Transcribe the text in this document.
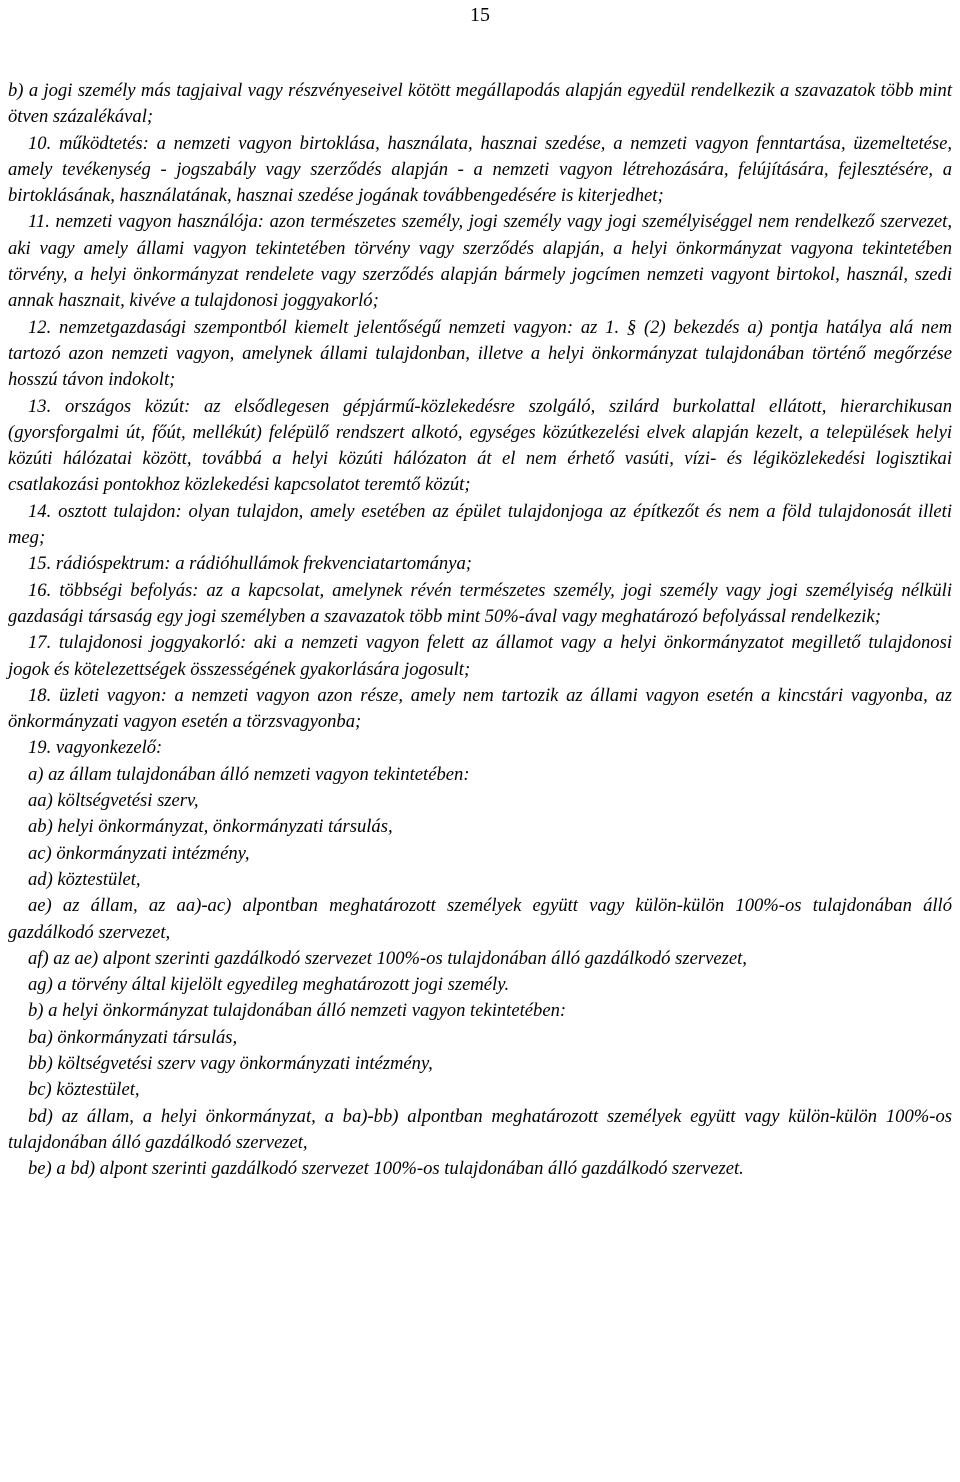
15

b) a jogi személy más tagjaival vagy részvényeseivel kötött megállapodás alapján egyedül rendelkezik a szavazatok több mint ötven százalékával;

10. működtetés: a nemzeti vagyon birtoklása, használata, hasznai szedése, a nemzeti vagyon fenntartása, üzemeltetése, amely tevékenység - jogszabály vagy szerződés alapján - a nemzeti vagyon létrehozására, felújítására, fejlesztésére, a birtoklásának, használatának, hasznai szedése jogának továbbengedésére is kiterjedhet;

11. nemzeti vagyon használója: azon természetes személy, jogi személy vagy jogi személyiséggel nem rendelkező szervezet, aki vagy amely állami vagyon tekintetében törvény vagy szerződés alapján, a helyi önkormányzat vagyona tekintetében törvény, a helyi önkormányzat rendelete vagy szerződés alapján bármely jogcímen nemzeti vagyont birtokol, használ, szedi annak hasznait, kivéve a tulajdonosi joggyakorló;

12. nemzetgazdasági szempontból kiemelt jelentőségű nemzeti vagyon: az 1. § (2) bekezdés a) pontja hatálya alá nem tartozó azon nemzeti vagyon, amelynek állami tulajdonban, illetve a helyi önkormányzat tulajdonában történő megőrzése hosszú távon indokolt;

13. országos közút: az elsődlegesen gépjármű-közlekedésre szolgáló, szilárd burkolattal ellátott, hierarchikusan (gyorsforgalmi út, főút, mellékút) felépülő rendszert alkotó, egységes közútkezelési elvek alapján kezelt, a települések helyi közúti hálózatai között, továbbá a helyi közúti hálózaton át el nem érhető vasúti, vízi- és légiközlekedési logisztikai csatlakozási pontokhoz közlekedési kapcsolatot teremtő közút;

14. osztott tulajdon: olyan tulajdon, amely esetében az épület tulajdonjoga az építkezőt és nem a föld tulajdonosát illeti meg;

15. rádióspektrum: a rádióhullámok frekvenciatartománya;

16. többségi befolyás: az a kapcsolat, amelynek révén természetes személy, jogi személy vagy jogi személyiség nélküli gazdasági társaság egy jogi személyben a szavazatok több mint 50%-ával vagy meghatározó befolyással rendelkezik;

17. tulajdonosi joggyakorló: aki a nemzeti vagyon felett az államot vagy a helyi önkormányzatot megillető tulajdonosi jogok és kötelezettségek összességének gyakorlására jogosult;

18. üzleti vagyon: a nemzeti vagyon azon része, amely nem tartozik az állami vagyon esetén a kincstári vagyonba, az önkormányzati vagyon esetén a törzsvagyonba;

19. vagyonkezelő:

a) az állam tulajdonában álló nemzeti vagyon tekintetében:

aa) költségvetési szerv,

ab) helyi önkormányzat, önkormányzati társulás,

ac) önkormányzati intézmény,

ad) köztestület,

ae) az állam, az aa)-ac) alpontban meghatározott személyek együtt vagy külön-külön 100%-os tulajdonában álló gazdálkodó szervezet,

af) az ae) alpont szerinti gazdálkodó szervezet 100%-os tulajdonában álló gazdálkodó szervezet,

ag) a törvény által kijelölt egyedileg meghatározott jogi személy.

b) a helyi önkormányzat tulajdonában álló nemzeti vagyon tekintetében:

ba) önkormányzati társulás,

bb) költségvetési szerv vagy önkormányzati intézmény,

bc) köztestület,

bd) az állam, a helyi önkormányzat, a ba)-bb) alpontban meghatározott személyek együtt vagy külön-külön 100%-os tulajdonában álló gazdálkodó szervezet,

be) a bd) alpont szerinti gazdálkodó szervezet 100%-os tulajdonában álló gazdálkodó szervezet.
